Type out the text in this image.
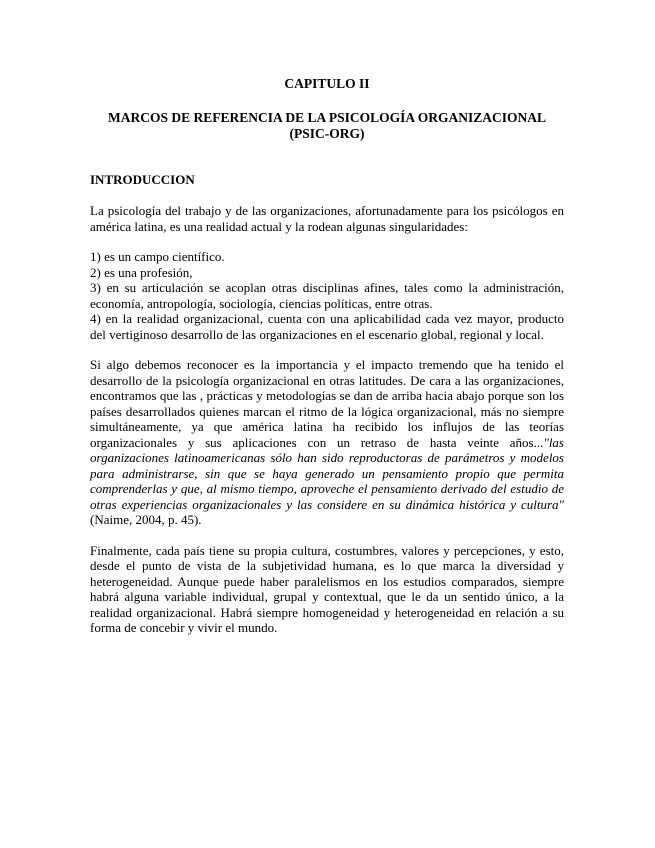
CAPITULO II
MARCOS DE REFERENCIA DE LA PSICOLOGÍA ORGANIZACIONAL
(PSIC-ORG)
INTRODUCCION

La psicología del trabajo y de las organizaciones, afortunadamente para los psicólogos en américa latina, es una realidad actual y la rodean algunas singularidades:

1) es un campo científico.
2) es una profesión,
3) en su articulación se acoplan otras disciplinas afines, tales como la administración, economía, antropología, sociología, ciencias políticas, entre otras.
4) en la realidad organizacional, cuenta con una aplicabilidad cada vez mayor, producto del vertiginoso desarrollo de las organizaciones en el escenario global, regional y local.

Si algo debemos reconocer es la importancia y el impacto tremendo que ha tenido el desarrollo de la psicología organizacional en otras latitudes. De cara a las organizaciones, encontramos que las , prácticas y metodologías se dan de arriba hacia abajo porque son los países desarrollados quienes marcan el ritmo de la lógica organizacional, más no siempre simultáneamente, ya que américa latina ha recibido los influjos de las teorías organizacionales y sus aplicaciones con un retraso de hasta veinte años..."las organizaciones latinoamericanas sólo han sido reproductoras de parámetros y modelos para administrarse, sin que se haya generado un pensamiento propio que permita comprenderlas y que, al mismo tiempo, aproveche el pensamiento derivado del estudio de otras experiencias organizacionales y las considere en su dinámica histórica y cultura" (Naime, 2004, p. 45).

Finalmente, cada país tiene su propia cultura, costumbres, valores y percepciones, y esto, desde el punto de vista de la subjetividad humana, es lo que marca la diversidad y heterogeneidad. Aunque puede haber paralelismos en los estudios comparados, siempre habrá alguna variable individual, grupal y contextual, que le da un sentido único, a la realidad organizacional. Habrá siempre homogeneidad y heterogeneidad en relación a su forma de concebir y vivir el mundo.
